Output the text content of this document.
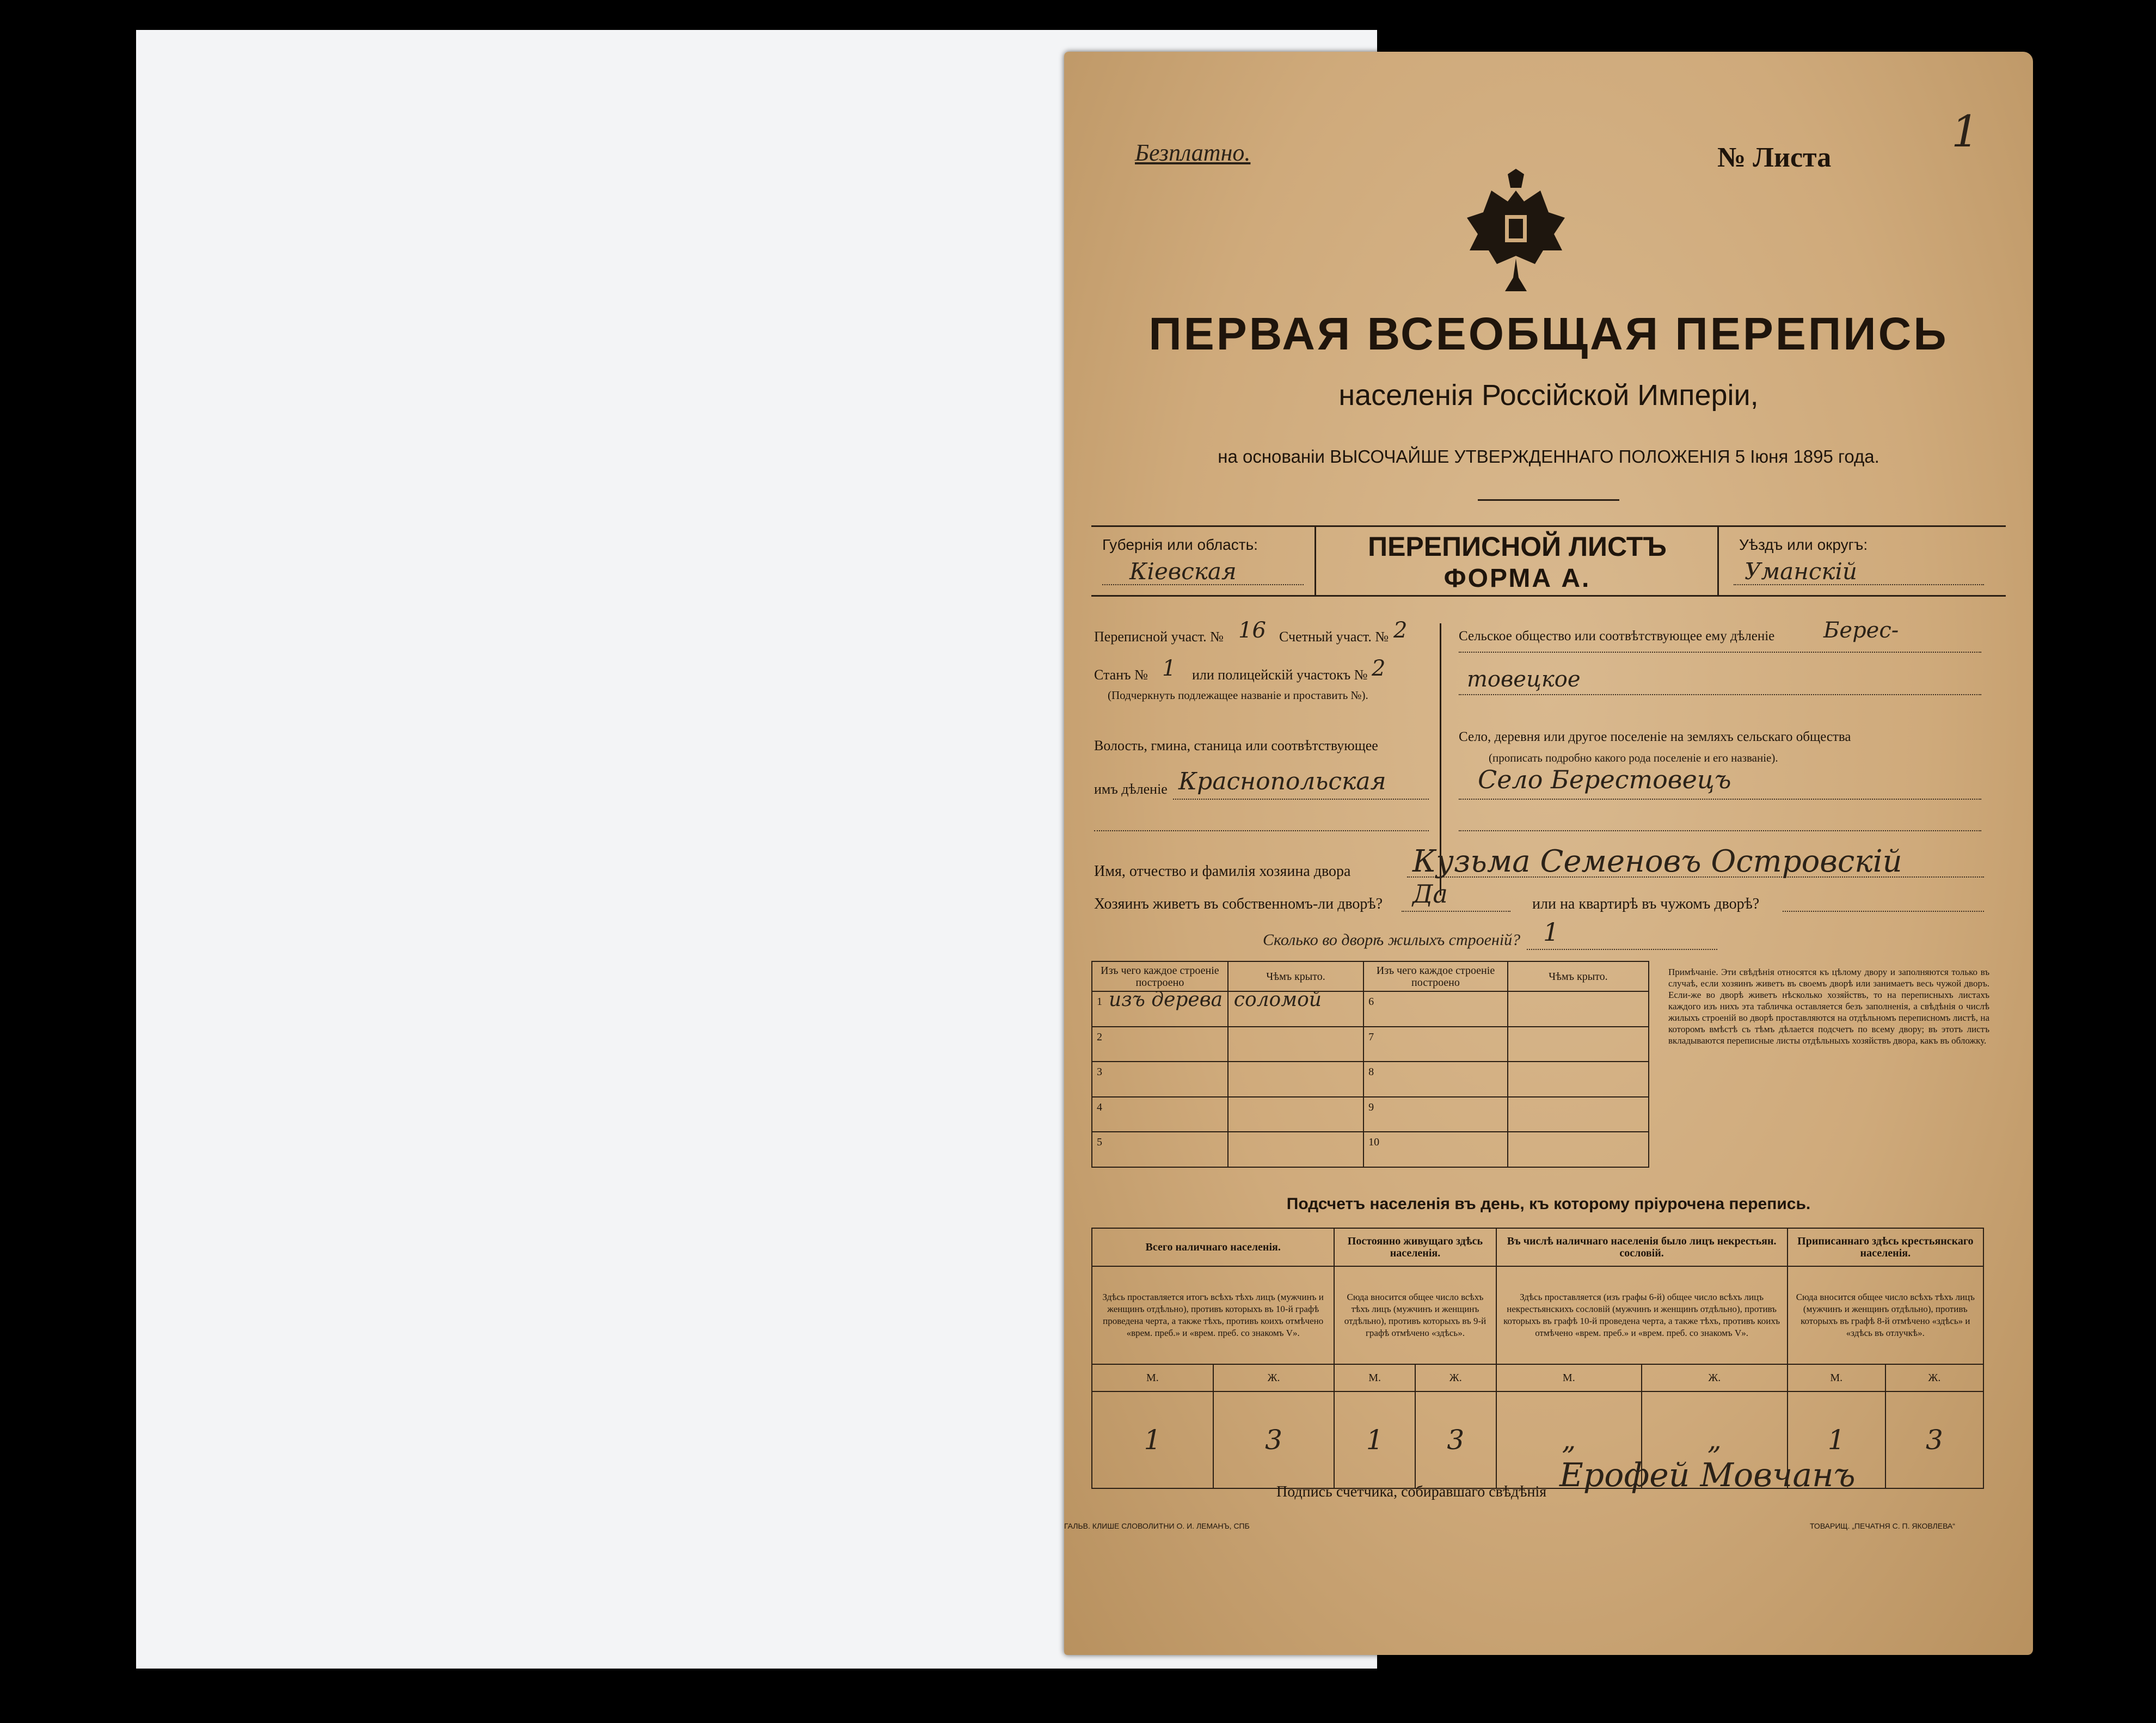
Безплатно.	№ Листа
1
ПЕРВАЯ ВСЕОБЩАЯ ПЕРЕПИСЬ
населенія Россійской Имперіи,
на основаніи ВЫСОЧАЙШЕ УТВЕРЖДЕННАГО ПОЛОЖЕНІЯ 5 Іюня 1895 года.
Губернія или область:
Кіевская
ПЕРЕПИСНОЙ ЛИСТЪ
ФОРМА А.
Уѣздъ или округъ:
Уманскій
Переписной участ. № 16 Счетный участ. № 2
Станъ № 1 или полицейскій участокъ № 2
(Подчеркнуть подлежащее названіе и проставить №).
Волость, гмина, станица или соотвѣтствующее
имъ дѣленіе Краснопольская
Сельское общество или соотвѣтствующее ему дѣленіе Берес-
товецкое
Село, деревня или другое поселеніе на земляхъ сельскаго общества
(прописать подробно какого рода поселеніе и его названіе).
Село Берестовецъ
Имя, отчество и фамилія хозяина двора Кузьма Семеновъ Островскій
Хозяинъ живетъ въ собственномъ-ли дворѣ? Да	или на квартирѣ въ чужомъ дворѣ?
Сколько во дворѣ жилыхъ строеній? 1
Изъ чего каждое строеніе построено	Чѣмъ крыто.	Изъ чего каждое строеніе построено	Чѣмъ крыто.

1 изъ дерева	соломой	6	

2		7	

3		8	

4		9	

5		10	

Примѣчаніе. Эти свѣдѣнія относятся къ цѣлому двору и заполняются только въ случаѣ, если хозяинъ живетъ въ своемъ дворѣ или занимаетъ весь чужой дворъ. Если-же во дворѣ живетъ нѣсколько хозяйствъ, то на переписныхъ листахъ каждого изъ нихъ эта табличка оставляется безъ заполненія, а свѣдѣнія о числѣ жилыхъ строеній во дворѣ проставляются на отдѣльномъ переписномъ листѣ, на которомъ вмѣстѣ съ тѣмъ дѣлается подсчетъ по всему двору; въ этотъ листъ вкладываются переписные листы отдѣльныхъ хозяйствъ двора, какъ въ обложку.
Подсчетъ населенія въ день, къ которому пріурочена перепись.
Всего наличнаго населенія.		Постоянно живущаго здѣсь населенія.		Въ числѣ наличнаго населенія было лицъ некрестьян. сословій.		Приписаннаго здѣсь крестьянскаго населенія.	
Здѣсь проставляется итогъ всѣхъ тѣхъ лицъ (мужчинъ и женщинъ отдѣльно), противъ которыхъ въ 10-й графѣ проведена черта, а также тѣхъ, противъ коихъ отмѣчено «врем. преб.» и «врем. преб. со знакомъ V».		Сюда вносится общее число всѣхъ тѣхъ лицъ (мужчинъ и женщинъ отдѣльно), противъ которыхъ въ 9-й графѣ отмѣчено «здѣсь».		Здѣсь проставляется (изъ графы 6-й) общее число всѣхъ лицъ некрестьянскихъ сословій (мужчинъ и женщинъ отдѣльно), противъ которыхъ въ графѣ 10-й проведена черта, а также тѣхъ, противъ коихъ отмѣчено «врем. преб.» и «врем. преб. со знакомъ V».		Сюда вносится общее число всѣхъ тѣхъ лицъ (мужчинъ и женщинъ отдѣльно), противъ которыхъ въ графѣ 8-й отмѣчено «здѣсь» и «здѣсь въ отлучкѣ».	
М.	Ж.	М.	Ж.	М.	Ж.	М.	Ж.
1	3	1	3	„	„	1	3
Подпись счетчика, собиравшаго свѣдѣнія Ерофей Мовчанъ
ГАЛЬВ. КЛИШЕ СЛОВОЛИТНИ О. И. ЛЕМАНЪ, СПБ	ТОВАРИЩ. „ПЕЧАТНЯ С. П. ЯКОВЛЕВА“
